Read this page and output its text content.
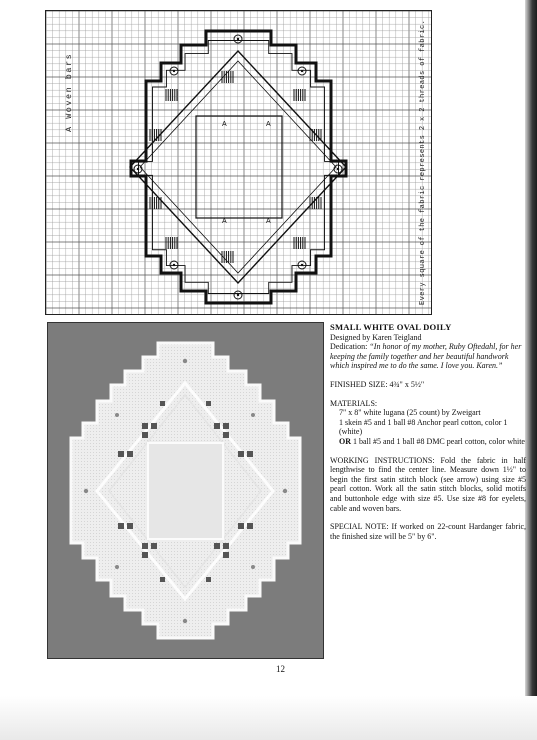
A	A
A	A
A Woven bars	Every square of the fabric represents 2 x 2 threads of fabric.
SMALL WHITE OVAL DOILY
Designed by Karen Teigland
Dedication: “In honor of my mother, Ruby Oftedahl, for her keeping the family together and her beautiful handwork which inspired me to do the same. I love you. Karen.”
FINISHED SIZE: 4¾" x 5½"
MATERIALS:
7" x 8" white lugana (25 count) by Zweigart
1 skein #5 and 1 ball #8 Anchor pearl cotton, color 1 (white)
OR 1 ball #5 and 1 ball #8 DMC pearl cotton, color white
WORKING INSTRUCTIONS: Fold the fabric in half lengthwise to find the center line. Measure down 1½" to begin the first satin stitch block (see arrow) using size #5 pearl cotton. Work all the satin stitch blocks, solid motifs and buttonhole edge with size #5. Use size #8 for eyelets, cable and woven bars.
SPECIAL NOTE: If worked on 22-count Hardanger fabric, the finished size will be 5" by 6".
12
